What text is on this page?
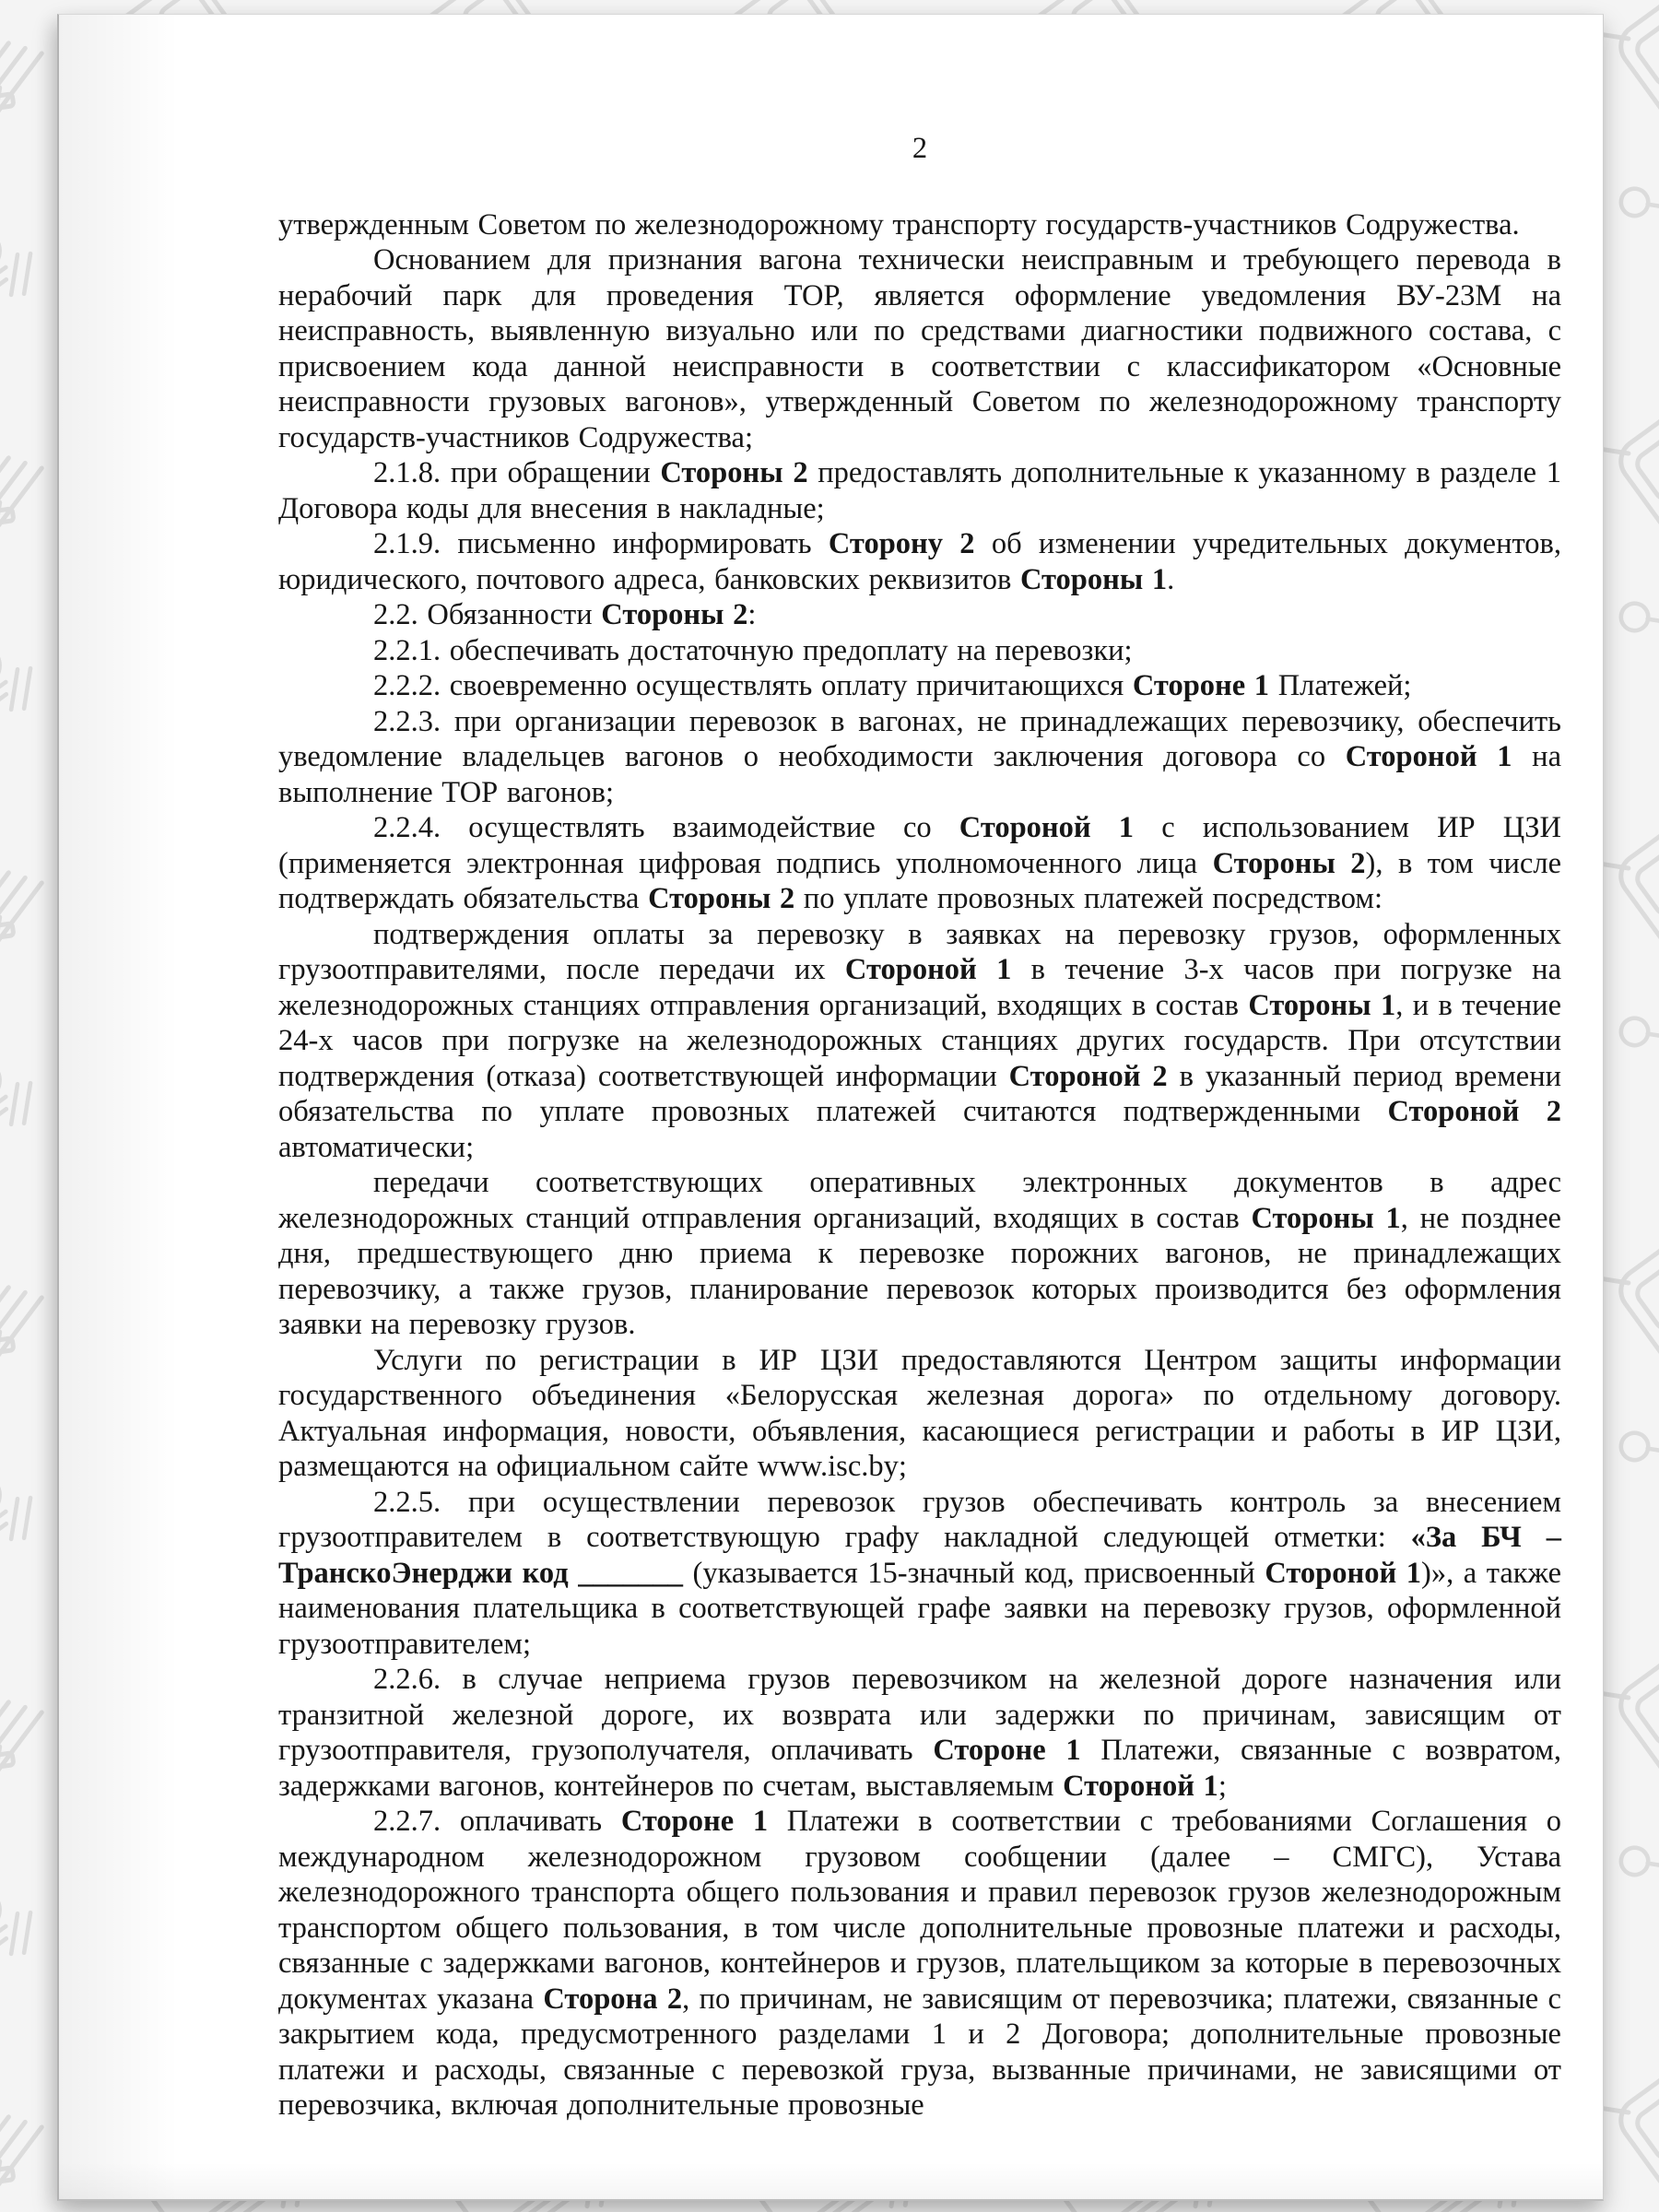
2

утвержденным Советом по железнодорожному транспорту государств-участников Содружества.

Основанием для признания вагона технически неисправным и требующего перевода в нерабочий парк для проведения ТОР, является оформление уведомления ВУ-23М на неисправность, выявленную визуально или по средствами диагностики подвижного состава, с присвоением кода данной неисправности в соответствии с классификатором «Основные неисправности грузовых вагонов», утвержденный Советом по железнодорожному транспорту государств-участников Содружества;

2.1.8. при обращении Стороны 2 предоставлять дополнительные к указанному в разделе 1 Договора коды для внесения в накладные;

2.1.9. письменно информировать Сторону 2 об изменении учредительных документов, юридического, почтового адреса, банковских реквизитов Стороны 1.

2.2. Обязанности Стороны 2:

2.2.1. обеспечивать достаточную предоплату на перевозки;

2.2.2. своевременно осуществлять оплату причитающихся Стороне 1 Платежей;

2.2.3. при организации перевозок в вагонах, не принадлежащих перевозчику, обеспечить уведомление владельцев вагонов о необходимости заключения договора со Стороной 1 на выполнение ТОР вагонов;

2.2.4. осуществлять взаимодействие со Стороной 1 с использованием ИР ЦЗИ (применяется электронная цифровая подпись уполномоченного лица Стороны 2), в том числе подтверждать обязательства Стороны 2 по уплате провозных платежей посредством:

подтверждения оплаты за перевозку в заявках на перевозку грузов, оформленных грузоотправителями, после передачи их Стороной 1 в течение 3-х часов при погрузке на железнодорожных станциях отправления организаций, входящих в состав Стороны 1, и в течение 24-х часов при погрузке на железнодорожных станциях других государств. При отсутствии подтверждения (отказа) соответствующей информации Стороной 2 в указанный период времени обязательства по уплате провозных платежей считаются подтвержденными Стороной 2 автоматически;

передачи соответствующих оперативных электронных документов в адрес железнодорожных станций отправления организаций, входящих в состав Стороны 1, не позднее дня, предшествующего дню приема к перевозке порожних вагонов, не принадлежащих перевозчику, а также грузов, планирование перевозок которых производится без оформления заявки на перевозку грузов.

Услуги по регистрации в ИР ЦЗИ предоставляются Центром защиты информации государственного объединения «Белорусская железная дорога» по отдельному договору. Актуальная информация, новости, объявления, касающиеся регистрации и работы в ИР ЦЗИ, размещаются на официальном сайте www.isc.by;

2.2.5. при осуществлении перевозок грузов обеспечивать контроль за внесением грузоотправителем в соответствующую графу накладной следующей отметки: «За БЧ – ТранскоЭнерджи код _______ (указывается 15-значный код, присвоенный Стороной 1)», а также наименования плательщика в соответствующей графе заявки на перевозку грузов, оформленной грузоотправителем;

2.2.6. в случае неприема грузов перевозчиком на железной дороге назначения или транзитной железной дороге, их возврата или задержки по причинам, зависящим от грузоотправителя, грузополучателя, оплачивать Стороне 1 Платежи, связанные с возвратом, задержками вагонов, контейнеров по счетам, выставляемым Стороной 1;

2.2.7. оплачивать Стороне 1 Платежи в соответствии с требованиями Соглашения о международном железнодорожном грузовом сообщении (далее – СМГС), Устава железнодорожного транспорта общего пользования и правил перевозок грузов железнодорожным транспортом общего пользования, в том числе дополнительные провозные платежи и расходы, связанные с задержками вагонов, контейнеров и грузов, плательщиком за которые в перевозочных документах указана Сторона 2, по причинам, не зависящим от перевозчика; платежи, связанные с закрытием кода, предусмотренного разделами 1 и 2 Договора; дополнительные провозные платежи и расходы, связанные с перевозкой груза, вызванные причинами, не зависящими от перевозчика, включая дополнительные провозные
